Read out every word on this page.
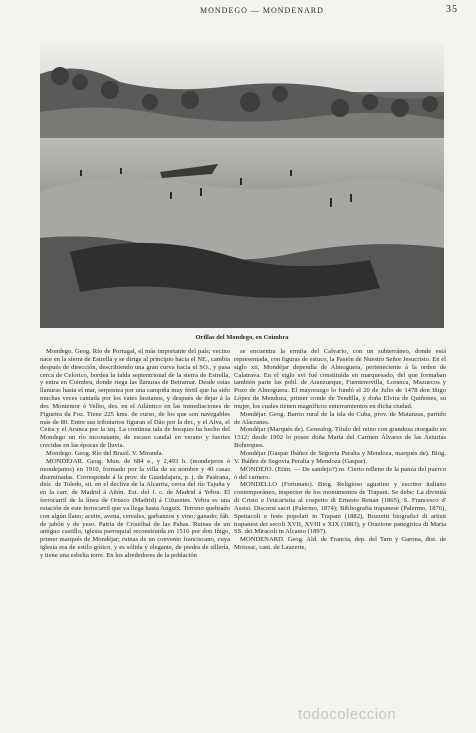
MONDEGO — MONDENARD	35
Orillas del Mondego, en Coimbra

Mondego. Geog. Río de Portugal, el más importante del país; vecino nace en la sierra de Estrella y se dirige al principio hacia el NE., cambia después de dirección, describiendo una gran curva hacia el SO., y pasa cerca de Celorico, bordea la falda septentrional de la sierra de Estrella, y entra en Coimbra, donde riega las llanuras de Beiramar. Desde estas llanuras hasta el mar, serpentea por una campiña muy fértil que ha sido muchas veces cantada por los vates lusitanos, y después de dejar á la der. Montemor ó Velho, des. en el Atlántico en las inmediaciones de Figueira da Foz. Tiene 225 kms. de curso, de los que son navegables más de 80. Entre sus tributarios figuran el Dão por la der., y el Alva, el Ceira y el Arunca por la izq. La continua tala de bosques ha hecho del Mondego un río inconstante, de escaso caudal en verano y fuertes crecidas en las épocas de lluvia.

Mondego. Geog. Río del Brasil. V. Miranda.

MONDÉJAR. Geog. Mun. de 684 e., y 2,493 h. (mondejeros ó mondejanos) en 1910, formado por la villa de su nombre y 40 casas diseminadas. Corresponde á la prov. de Guadalajara, p. j. de Pastrana, dióc. de Toledo, sit. en el declive de la Alcarria, cerca del río Tajuña y en la carr. de Madrid á Añón. Est. del f. c. de Madrid á Yebra. El ferrocarril de la línea de Orusco (Madrid) á Cifuentes. Yebra es una estación de este ferrocarril que va llega hasta Anguix. Terreno quebrado con algún llano; aceite, avena, cereales, garbanzos y vino; ganado; fáb. de jabón y de yeso. Patria de Cristóbal de las Pahas. Ruinas de un antiguo castillo, iglesia parroquial reconstruida en 1516 por don Iñigo, primer marqués de Mondéjar; ruinas de un convento franciscano, cuya iglesia era de estilo gótico, y es sólida y elegante, de piedra de sillería, y tiene una esbelta torre. En los alrededores de la población

se encuentra la ermita del Calvario, con un subterráneo, donde está representada, con figuras de estuco, la Pasión de Nuestro Señor Jesucristo. En el siglo xii, Mondéjar dependía de Almoguera, perteneciente á la orden de Calatrava. En el siglo xvi fué constituída en marquesado, del que formaban también parte las pobl. de Aranzueque, Fuentenovilla, Loranca, Mazuecos y Pozo de Almoguera. El mayorazgo lo fundó el 20 de Julio de 1478 don Iñigo López de Mendoza, primer conde de Tendilla, y doña Elvira de Quiñones, su mujer, los cuales tienen magníficos enterramientos en dicha ciudad.

Mondéjar. Geog. Barrio rural de la isla de Cuba, prov. de Matanzas, partido de Alacranes.

Mondéjar (Marqués de). Genealog. Título del reino con grandeza otorgado en 1512; desde 1902 lo posee doña María del Carmen Álvarez de las Asturias Bohorques.

Mondéjar (Gaspar Ibáñez de Segovia Peralta y Mendoza, marqués de). Biog. V. Ibáñez de Segovia Peralta y Mendoza (Gaspar).

MONDEJO. (Etim. — De sandejo?) m. Cierto relleno de la panza del puerco ó del carnero.

MONDELLO (Fortunato). Biog. Religioso agustino y escritor italiano contemporáneo, inspector de los monumentos de Trapani. Se debe: La divinità di Cristo e l'eucaristia al cospetto di Ernesto Renan (1865), S. Francesco d' Assisi. Discorsi sacri (Palermo, 1874); Bibliografia trapanese (Palermo, 1876), Spettacoli e feste popolari in Trapani (1882), Bozzetti biografici di artisti trapanesi dei secoli XVII, XVIII e XIX (1883), y Orazione panegirica di Maria SS. dei Miracoli in Alcamo (1897).

MONDENARD. Geog. Ald. de Francia, dep. del Tarn y Garona, dist. de Moissac, cant. de Lauzerte,

todocoleccion
